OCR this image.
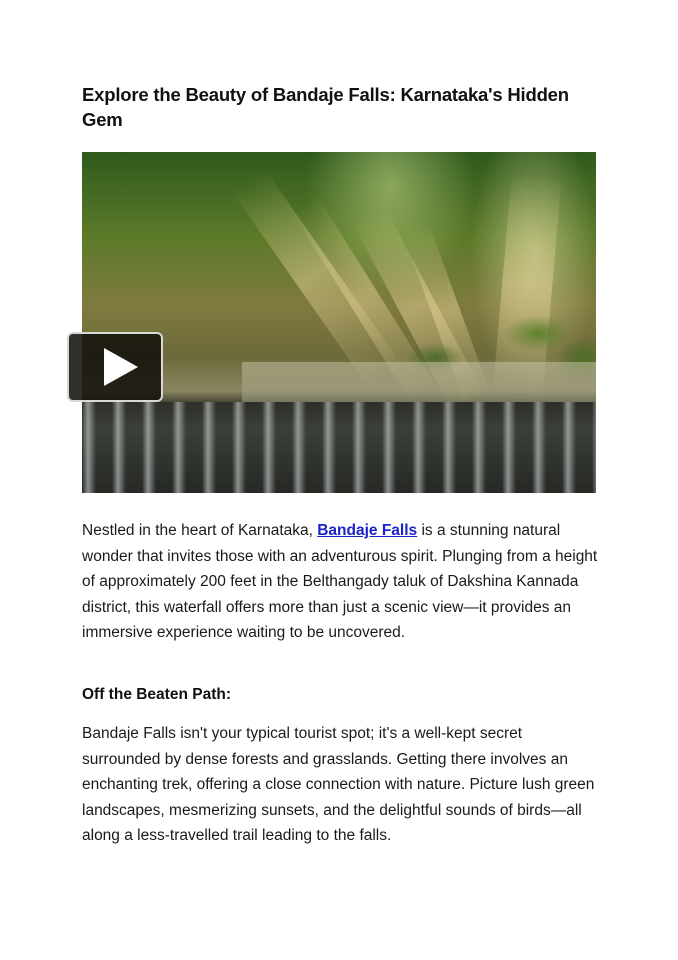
Explore the Beauty of Bandaje Falls: Karnataka's Hidden Gem
Nestled in the heart of Karnataka, Bandaje Falls is a stunning natural wonder that invites those with an adventurous spirit. Plunging from a height of approximately 200 feet in the Belthangady taluk of Dakshina Kannada district, this waterfall offers more than just a scenic view—it provides an immersive experience waiting to be uncovered.
Off the Beaten Path:
Bandaje Falls isn't your typical tourist spot; it's a well-kept secret surrounded by dense forests and grasslands. Getting there involves an enchanting trek, offering a close connection with nature. Picture lush green landscapes, mesmerizing sunsets, and the delightful sounds of birds—all along a less-travelled trail leading to the falls.
